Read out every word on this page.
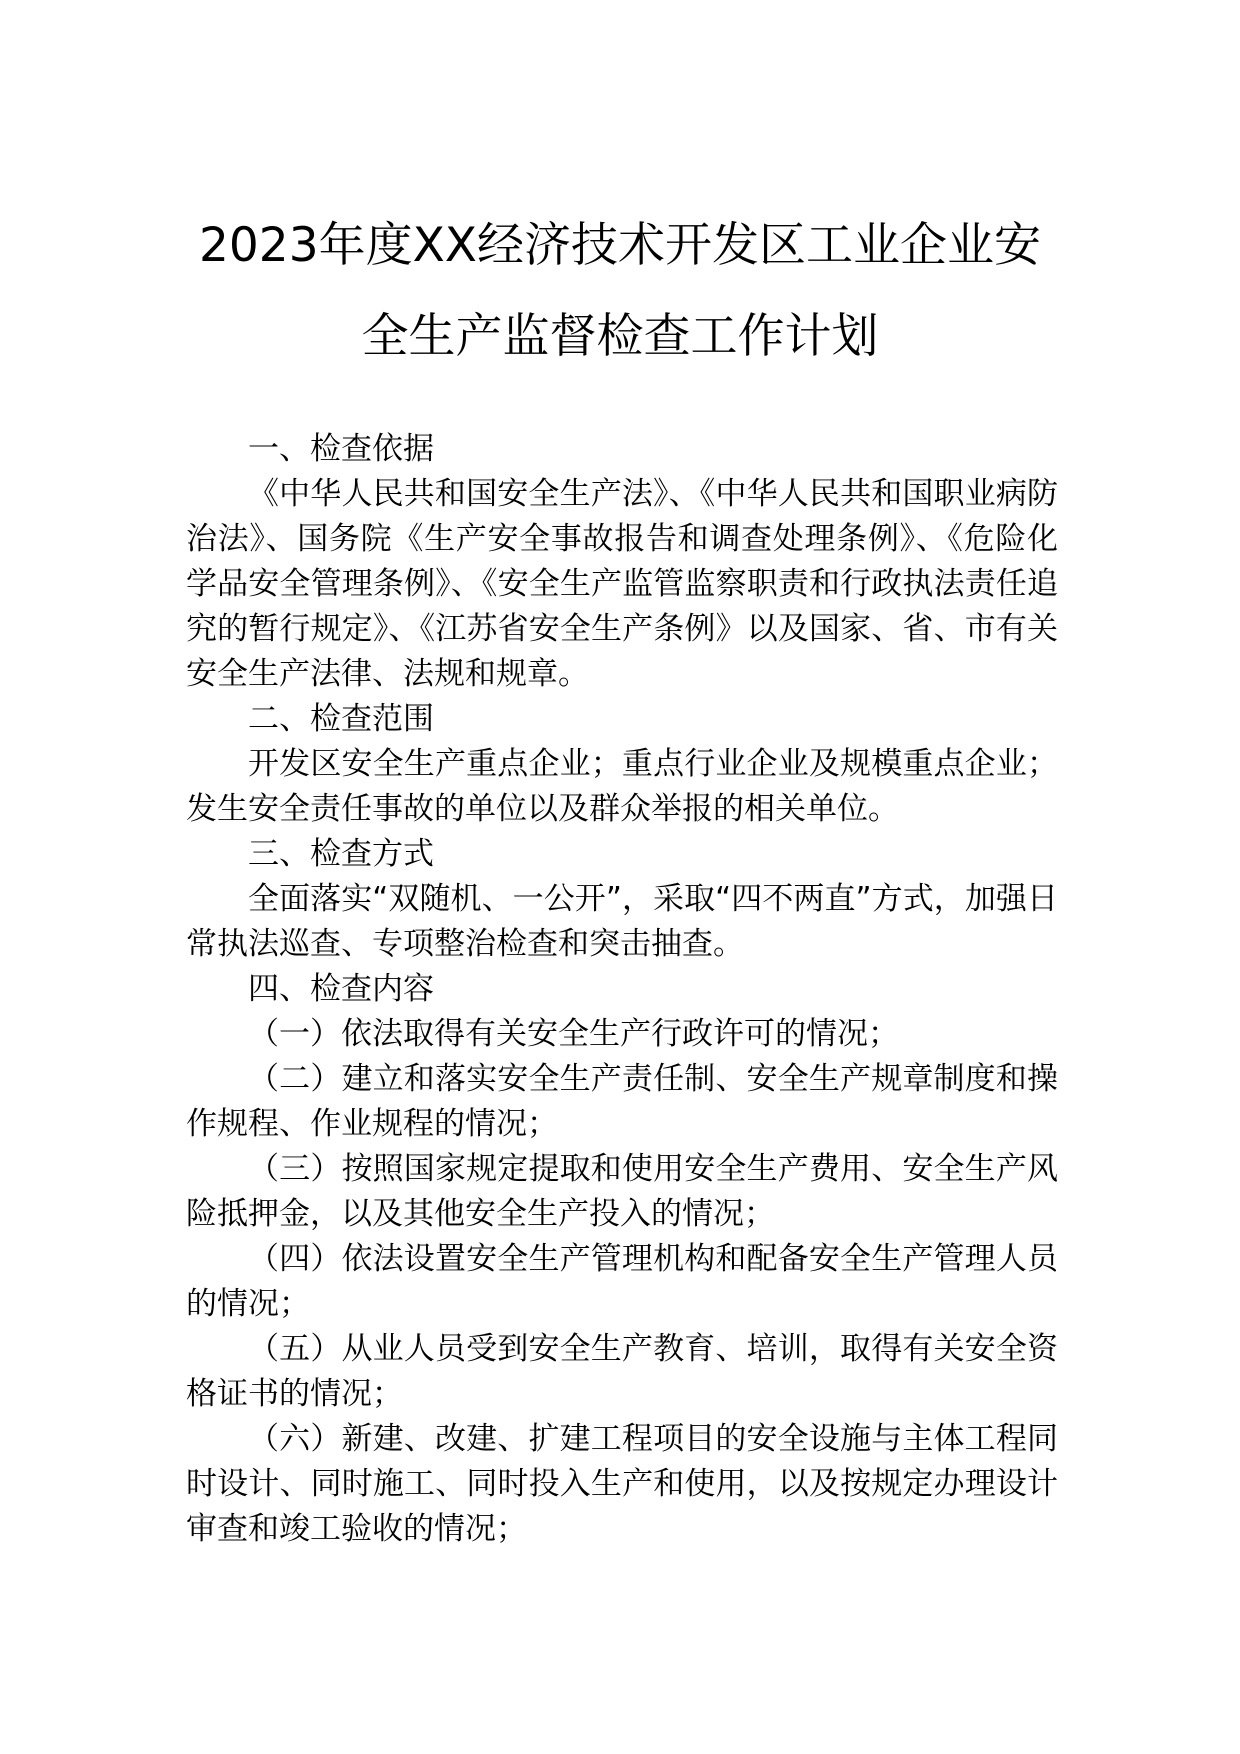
2023年度XX经济技术开发区工业企业安
全生产监督检查工作计划

一、检查依据

《中华人民共和国安全生产法》、《中华人民共和国职业病防治法》、国务院《生产安全事故报告和调查处理条例》、《危险化学品安全管理条例》、《安全生产监管监察职责和行政执法责任追究的暂行规定》、《江苏省安全生产条例》以及国家、省、市有关安全生产法律、法规和规章。

二、检查范围

开发区安全生产重点企业；重点行业企业及规模重点企业；发生安全责任事故的单位以及群众举报的相关单位。

三、检查方式

全面落实“双随机、一公开”，采取“四不两直”方式，加强日常执法巡查、专项整治检查和突击抽查。

四、检查内容

（一）依法取得有关安全生产行政许可的情况；

（二）建立和落实安全生产责任制、安全生产规章制度和操作规程、作业规程的情况；

（三）按照国家规定提取和使用安全生产费用、安全生产风险抵押金，以及其他安全生产投入的情况；

（四）依法设置安全生产管理机构和配备安全生产管理人员的情况；

（五）从业人员受到安全生产教育、培训，取得有关安全资格证书的情况；

（六）新建、改建、扩建工程项目的安全设施与主体工程同时设计、同时施工、同时投入生产和使用，以及按规定办理设计审查和竣工验收的情况；
